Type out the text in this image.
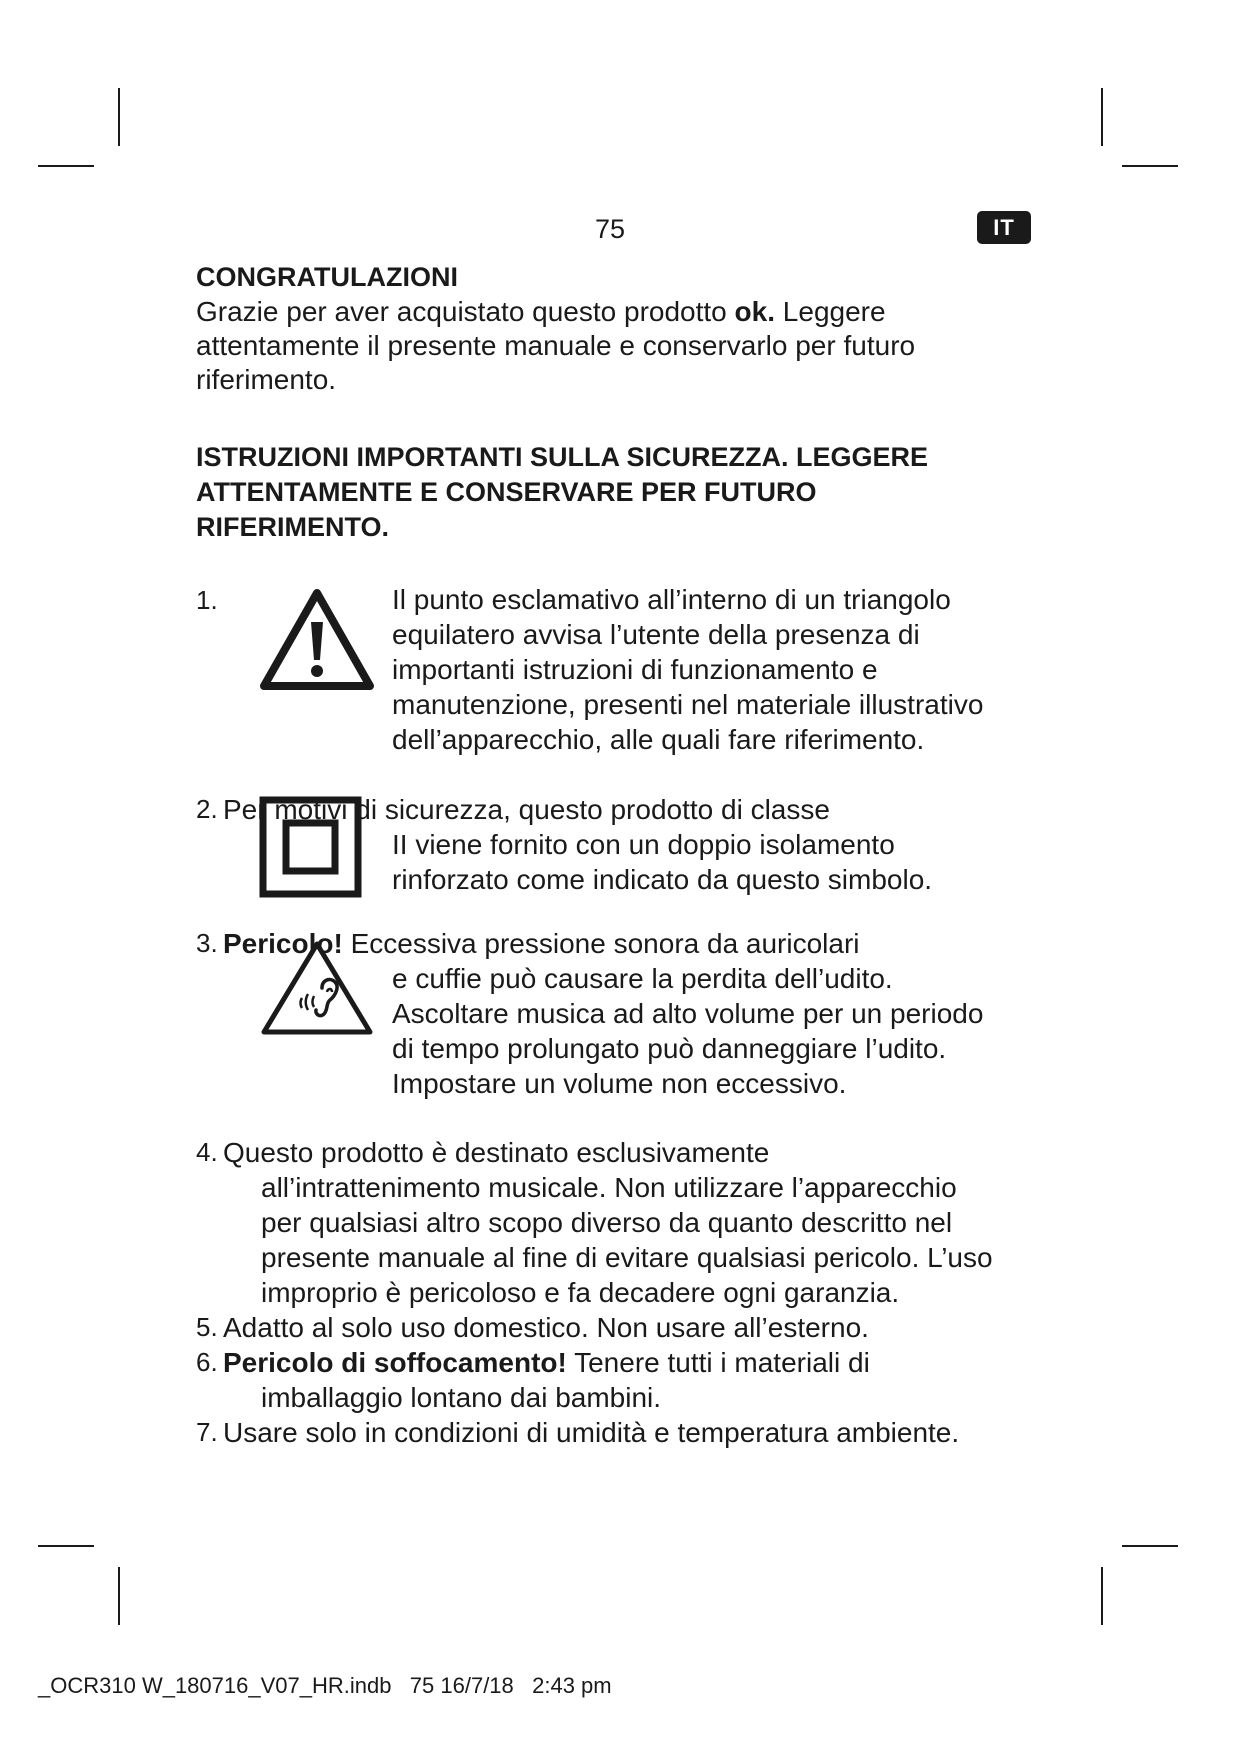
75	IT

CONGRATULAZIONI

Grazie per aver acquistato questo prodotto ok. Leggere attentamente il presente manuale e conservarlo per futuro riferimento.

ISTRUZIONI IMPORTANTI SULLA SICUREZZA. LEGGERE

ATTENTAMENTE E CONSERVARE PER FUTURO

RIFERIMENTO.

1.	Il punto esclamativo all’interno di un triangolo
equilatero avvisa l’utente della presenza di
importanti istruzioni di funzionamento e
manutenzione, presenti nel materiale illustrativo
dell’apparecchio, alle quali fare riferimento.
2. Per motivi di sicurezza, questo prodotto di classe
II viene fornito con un doppio isolamento
rinforzato come indicato da questo simbolo.
3. Pericolo! Eccessiva pressione sonora da auricolari
e cuffie può causare la perdita dell’udito.
Ascoltare musica ad alto volume per un periodo
di tempo prolungato può danneggiare l’udito.
Impostare un volume non eccessivo.
4. Questo prodotto è destinato esclusivamente
all’intrattenimento musicale. Non utilizzare l’apparecchio
per qualsiasi altro scopo diverso da quanto descritto nel
presente manuale al fine di evitare qualsiasi pericolo. L’uso
improprio è pericoloso e fa decadere ogni garanzia.
5. Adatto al solo uso domestico. Non usare all’esterno.
6. Pericolo di soffocamento! Tenere tutti i materiali di
imballaggio lontano dai bambini.
7. Usare solo in condizioni di umidità e temperatura ambiente.
_OCR310 W_180716_V07_HR.indb   75 16/7/18   2:43 pm
